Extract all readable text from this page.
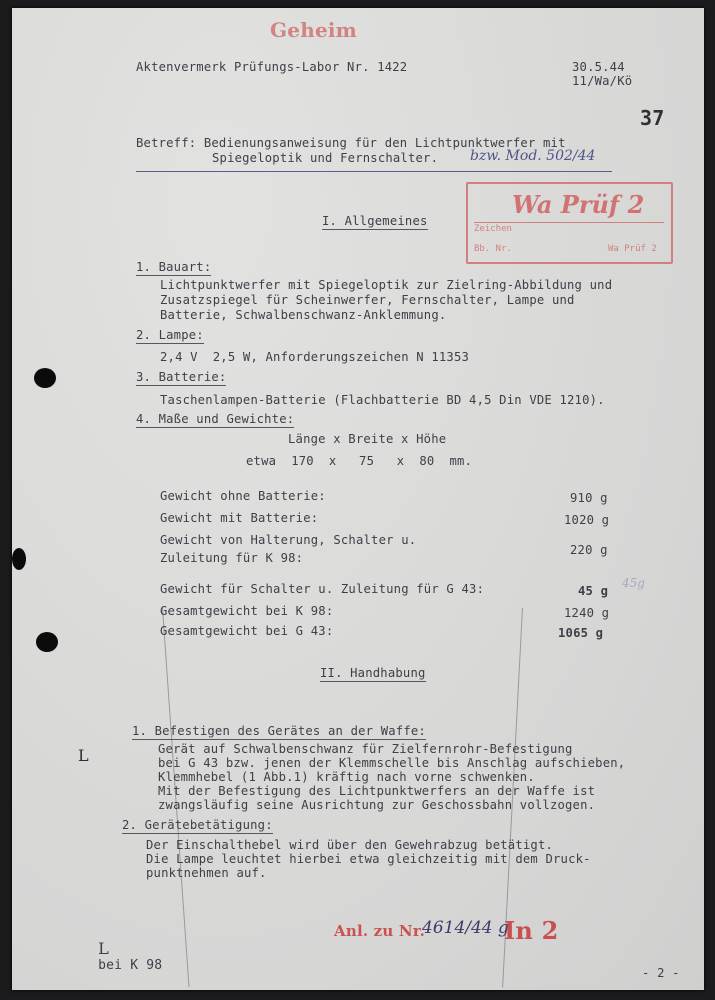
Geheim
Aktenvermerk Prüfungs-Labor Nr. 1422	30.5.44
11/Wa/Kö
37
Betreff: Bedienungsanweisung für den Lichtpunktwerfer mit
Spiegeloptik und Fernschalter. bzw. Mod. 502/44
Wa Prüf 2
Zeichen
Bb. Nr.	Wa Prüf 2
I. Allgemeines
1. Bauart:
Lichtpunktwerfer mit Spiegeloptik zur Zielring-Abbildung und
Zusatzspiegel für Scheinwerfer, Fernschalter, Lampe und
Batterie, Schwalbenschwanz-Anklemmung.
2. Lampe:
2,4 V  2,5 W, Anforderungszeichen N 11353
3. Batterie:
Taschenlampen-Batterie (Flachbatterie BD 4,5 Din VDE 1210).
4. Maße und Gewichte:
Länge x Breite x Höhe
etwa  170  x   75   x  80  mm.
Gewicht ohne Batterie:	910 g
Gewicht mit Batterie:	1020 g
Gewicht von Halterung, Schalter u.
Zuleitung für K 98:
220 g
Gewicht für Schalter u. Zuleitung für G 43:	45 g
45g
Gesamtgewicht bei K 98:	1240 g
Gesamtgewicht bei G 43:	1065 g
II. Handhabung
1. Befestigen des Gerätes an der Waffe:
Gerät auf Schwalbenschwanz für Zielfernrohr-Befestigung
bei G 43 bzw. jenen der Klemmschelle bis Anschlag aufschieben,
Klemmhebel (1 Abb.1) kräftig nach vorne schwenken.
Mit der Befestigung des Lichtpunktwerfers an der Waffe ist
zwangsläufig seine Ausrichtung zur Geschossbahn vollzogen.
2. Gerätebetätigung:
Der Einschalthebel wird über den Gewehrabzug betätigt.
Die Lampe leuchtet hierbei etwa gleichzeitig mit dem Druck-
punktnehmen auf.
L

L
bei K 98

Anl. zu Nr.
4614/44 g
In 2
- 2 -
